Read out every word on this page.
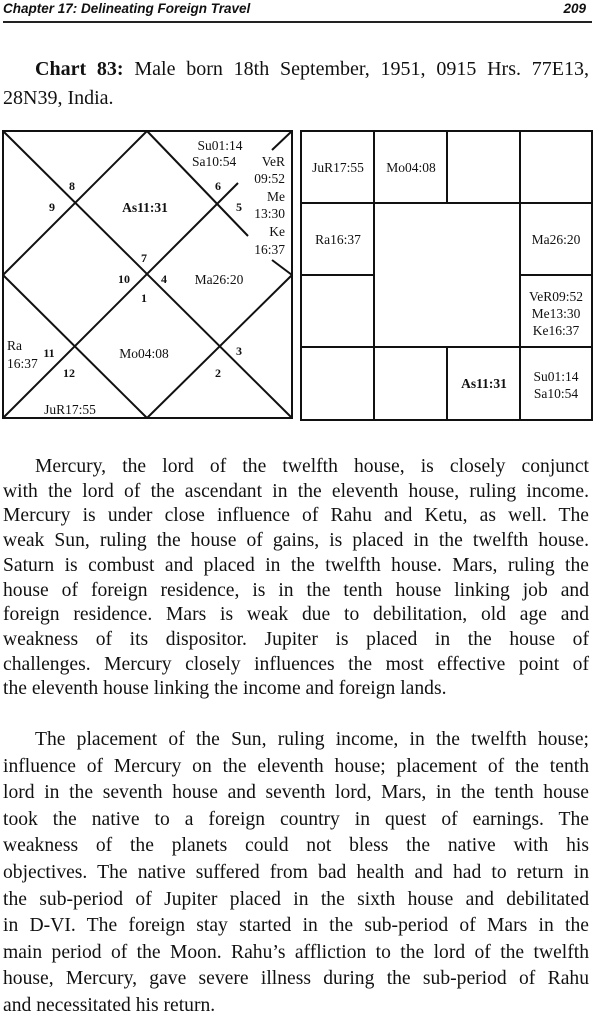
Chapter 17: Delineating Foreign Travel	209
Chart 83: Male born 18th September, 1951, 0915 Hrs. 77E13,
28N39, India.
Su01:14
Sa10:54 VeR
09:52
Me
13:30
Ke
16:37
As11:31
Ma26:20
Mo04:08
Ra
16:37
JuR17:55
1
2
3
4
5
6
7
8
9
10
11
12
JuR17:55 Mo04:08
Ra16:37	Ma26:20
VeR09:52
Me13:30
Ke16:37
As11:31 Su01:14
Sa10:54
Mercury, the lord of the twelfth house, is closely conjunct
with the lord of the ascendant in the eleventh house, ruling income.
Mercury is under close influence of Rahu and Ketu, as well. The
weak Sun, ruling the house of gains, is placed in the twelfth house.
Saturn is combust and placed in the twelfth house. Mars, ruling the
house of foreign residence, is in the tenth house linking job and
foreign residence. Mars is weak due to debilitation, old age and
weakness of its dispositor. Jupiter is placed in the house of
challenges. Mercury closely influences the most effective point of
the eleventh house linking the income and foreign lands.
The placement of the Sun, ruling income, in the twelfth house;
influence of Mercury on the eleventh house; placement of the tenth
lord in the seventh house and seventh lord, Mars, in the tenth house
took the native to a foreign country in quest of earnings. The
weakness of the planets could not bless the native with his
objectives. The native suffered from bad health and had to return in
the sub-period of Jupiter placed in the sixth house and debilitated
in D-VI. The foreign stay started in the sub-period of Mars in the
main period of the Moon. Rahu’s affliction to the lord of the twelfth
house, Mercury, gave severe illness during the sub-period of Rahu
and necessitated his return.
